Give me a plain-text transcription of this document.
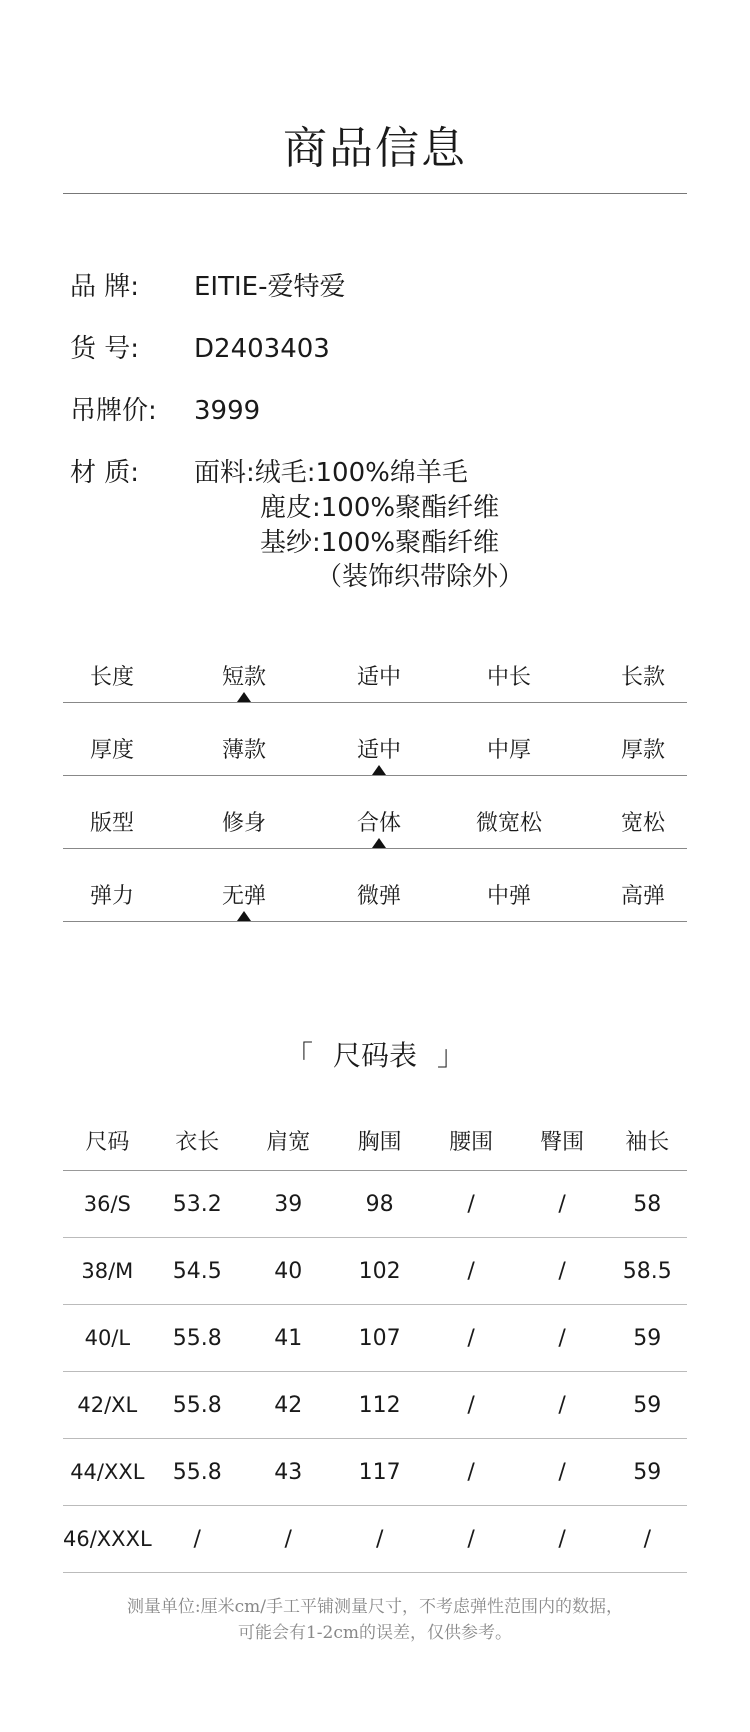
商品信息
品 牌:	EITIE-爱特爱
货 号:	D2403403
吊牌价:	3999
材 质:	面料:绒毛:100%绵羊毛
鹿皮:100%聚酯纤维
基纱:100%聚酯纤维
（装饰织带除外）
长度	短款	适中	中长	长款
厚度	薄款	适中	中厚	厚款
版型	修身	合体	微宽松	宽松
弹力	无弹	微弹	中弹	高弹
「 尺码表 」
尺码	衣长	肩宽	胸围	腰围	臀围	袖长
36/S	53.2	39	98	/	/	58
38/M	54.5	40	102	/	/	58.5
40/L	55.8	41	107	/	/	59
42/XL	55.8	42	112	/	/	59
44/XXL	55.8	43	117	/	/	59
46/XXXL	/	/	/	/	/	/
测量单位:厘米cm/手工平铺测量尺寸，不考虑弹性范围内的数据，
可能会有1-2cm的误差，仅供参考。
